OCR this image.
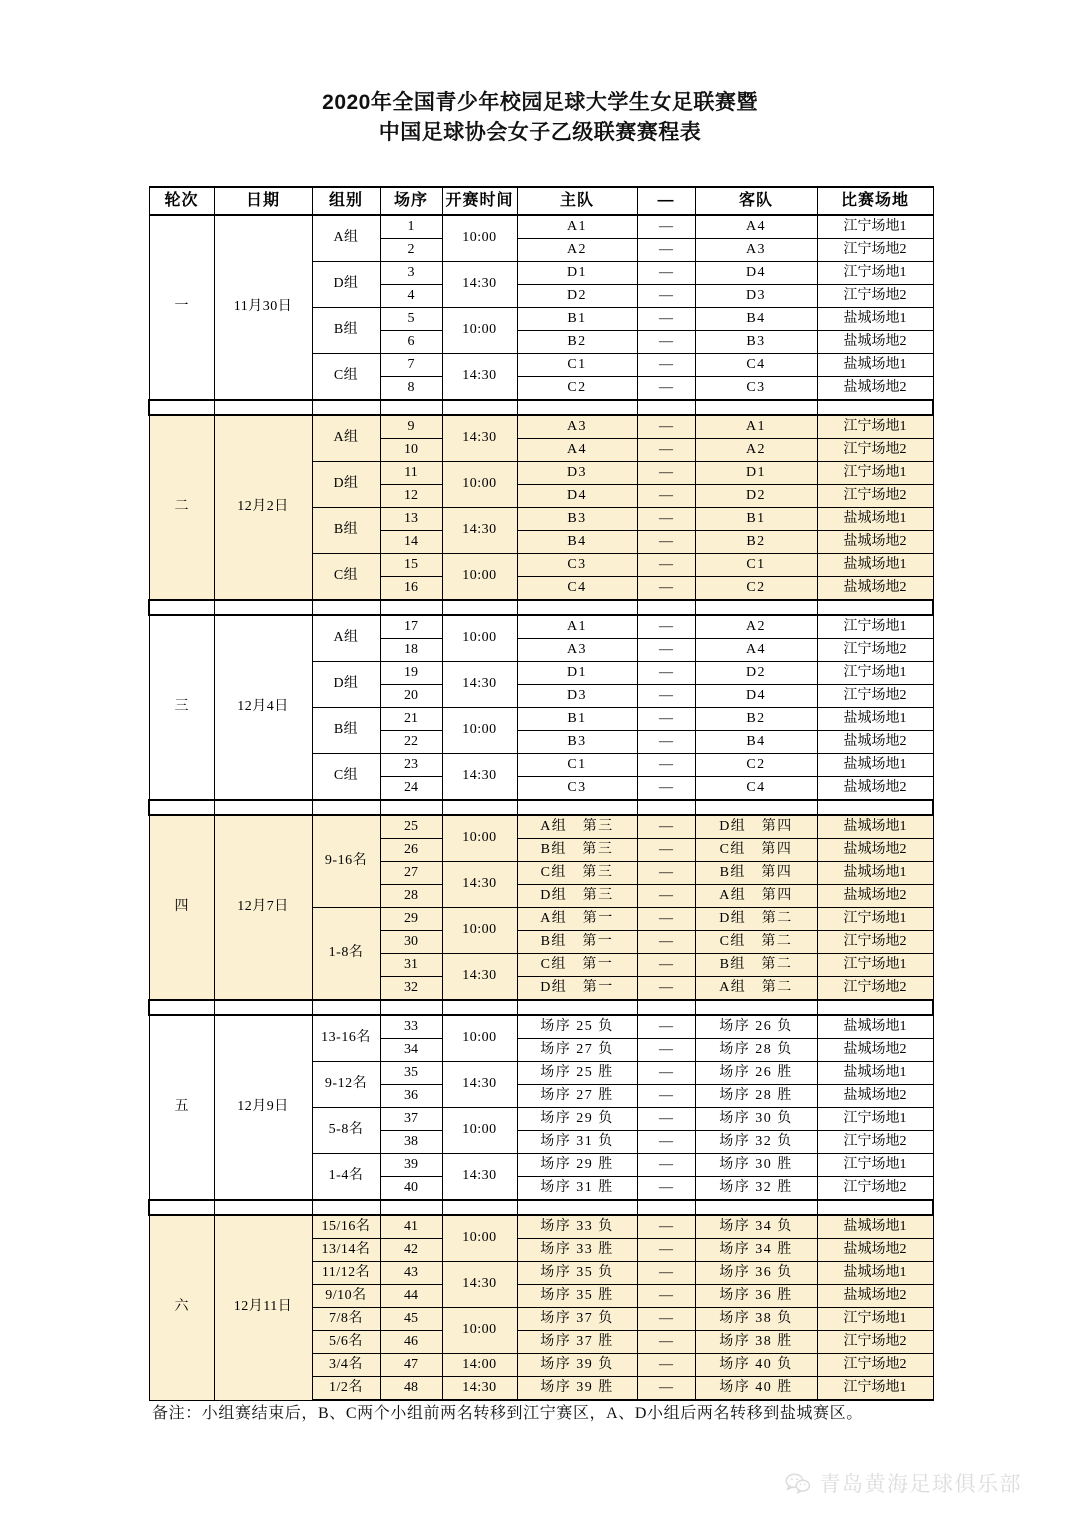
2020年全国青少年校园足球大学生女足联赛暨
中国足球协会女子乙级联赛赛程表
轮次	日期	组别	场序	开赛时间	主队	—	客队	比赛场地
一	11月30日	A组	1	10:00	A1	—	A4	江宁场地1
			2		A2	—	A3	江宁场地2
		D组	3	14:30	D1	—	D4	江宁场地1
			4		D2	—	D3	江宁场地2
		B组	5	10:00	B1	—	B4	盐城场地1
			6		B2	—	B3	盐城场地2
		C组	7	14:30	C1	—	C4	盐城场地1
			8		C2	—	C3	盐城场地2

二	12月2日	A组	9	14:30	A3	—	A1	江宁场地1
			10		A4	—	A2	江宁场地2
		D组	11	10:00	D3	—	D1	江宁场地1
			12		D4	—	D2	江宁场地2
		B组	13	14:30	B3	—	B1	盐城场地1
			14		B4	—	B2	盐城场地2
		C组	15	10:00	C3	—	C1	盐城场地1
			16		C4	—	C2	盐城场地2

三	12月4日	A组	17	10:00	A1	—	A2	江宁场地1
			18		A3	—	A4	江宁场地2
		D组	19	14:30	D1	—	D2	江宁场地1
			20		D3	—	D4	江宁场地2
		B组	21	10:00	B1	—	B2	盐城场地1
			22		B3	—	B4	盐城场地2
		C组	23	14:30	C1	—	C2	盐城场地1
			24		C3	—	C4	盐城场地2

四	12月7日	9-16名	25	10:00	A组　第三	—	D组　第四	盐城场地1
			26		B组　第三	—	C组　第四	盐城场地2
			27	14:30	C组　第三	—	B组　第四	盐城场地1
			28		D组　第三	—	A组　第四	盐城场地2
		1-8名	29	10:00	A组　第一	—	D组　第二	江宁场地1
			30		B组　第一	—	C组　第二	江宁场地2
			31	14:30	C组　第一	—	B组　第二	江宁场地1
			32		D组　第一	—	A组　第二	江宁场地2

五	12月9日	13-16名	33	10:00	场序 25 负	—	场序 26 负	盐城场地1
			34		场序 27 负	—	场序 28 负	盐城场地2
		9-12名	35	14:30	场序 25 胜	—	场序 26 胜	盐城场地1
			36		场序 27 胜	—	场序 28 胜	盐城场地2
		5-8名	37	10:00	场序 29 负	—	场序 30 负	江宁场地1
			38		场序 31 负	—	场序 32 负	江宁场地2
		1-4名	39	14:30	场序 29 胜	—	场序 30 胜	江宁场地1
			40		场序 31 胜	—	场序 32 胜	江宁场地2

六	12月11日	15/16名	41	10:00	场序 33 负	—	场序 34 负	盐城场地1
		13/14名	42		场序 33 胜	—	场序 34 胜	盐城场地2
		11/12名	43	14:30	场序 35 负	—	场序 36 负	盐城场地1
		9/10名	44		场序 35 胜	—	场序 36 胜	盐城场地2
		7/8名	45	10:00	场序 37 负	—	场序 38 负	江宁场地1
		5/6名	46		场序 37 胜	—	场序 38 胜	江宁场地2
		3/4名	47	14:00	场序 39 负	—	场序 40 负	江宁场地2
		1/2名	48	14:30	场序 39 胜	—	场序 40 胜	江宁场地1
备注：小组赛结束后，B、C两个小组前两名转移到江宁赛区，A、D小组后两名转移到盐城赛区。
青岛黄海足球俱乐部
